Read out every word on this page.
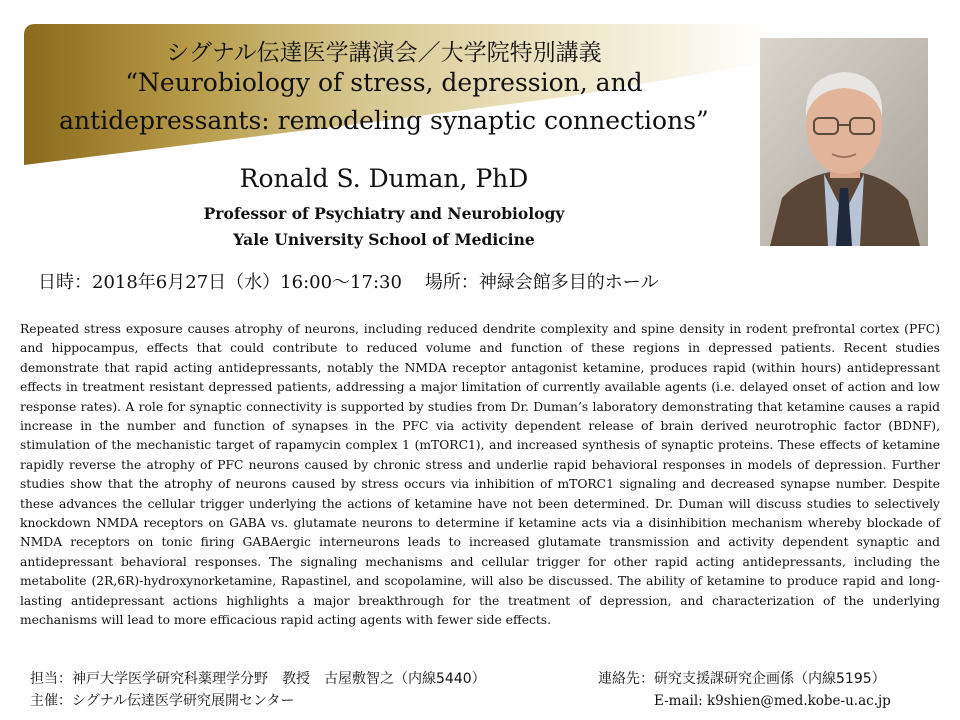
シグナル伝達医学講演会／大学院特別講義
“Neurobiology of stress, depression, and
antidepressants: remodeling synaptic connections”
Ronald S. Duman, PhD
Professor of Psychiatry and Neurobiology
Yale University School of Medicine
日時：2018年6月27日（水）16:00〜17:30 場所：神緑会館多目的ホール
Repeated stress exposure causes atrophy of neurons, including reduced dendrite complexity and spine density in rodent prefrontal cortex (PFC) and hippocampus, effects that could contribute to reduced volume and function of these regions in depressed patients. Recent studies demonstrate that rapid acting antidepressants, notably the NMDA receptor antagonist ketamine, produces rapid (within hours) antidepressant effects in treatment resistant depressed patients, addressing a major limitation of currently available agents (i.e. delayed onset of action and low response rates). A role for synaptic connectivity is supported by studies from Dr. Duman’s laboratory demonstrating that ketamine causes a rapid increase in the number and function of synapses in the PFC via activity dependent release of brain derived neurotrophic factor (BDNF), stimulation of the mechanistic target of rapamycin complex 1 (mTORC1), and increased synthesis of synaptic proteins. These effects of ketamine rapidly reverse the atrophy of PFC neurons caused by chronic stress and underlie rapid behavioral responses in models of depression. Further studies show that the atrophy of neurons caused by stress occurs via inhibition of mTORC1 signaling and decreased synapse number. Despite these advances the cellular trigger underlying the actions of ketamine have not been determined. Dr. Duman will discuss studies to selectively knockdown NMDA receptors on GABA vs. glutamate neurons to determine if ketamine acts via a disinhibition mechanism whereby blockade of NMDA receptors on tonic firing GABAergic interneurons leads to increased glutamate transmission and activity dependent synaptic and antidepressant behavioral responses. The signaling mechanisms and cellular trigger for other rapid acting antidepressants, including the metabolite (2R,6R)-hydroxynorketamine, Rapastinel, and scopolamine, will also be discussed. The ability of ketamine to produce rapid and long-lasting antidepressant actions highlights a major breakthrough for the treatment of depression, and characterization of the underlying mechanisms will lead to more efficacious rapid acting agents with fewer side effects.
担当：神戸大学医学研究科薬理学分野　教授　古屋敷智之（内線5440）
主催：シグナル伝達医学研究展開センター
連絡先：研究支援課研究企画係（内線5195）
E-mail: k9shien@med.kobe-u.ac.jp
